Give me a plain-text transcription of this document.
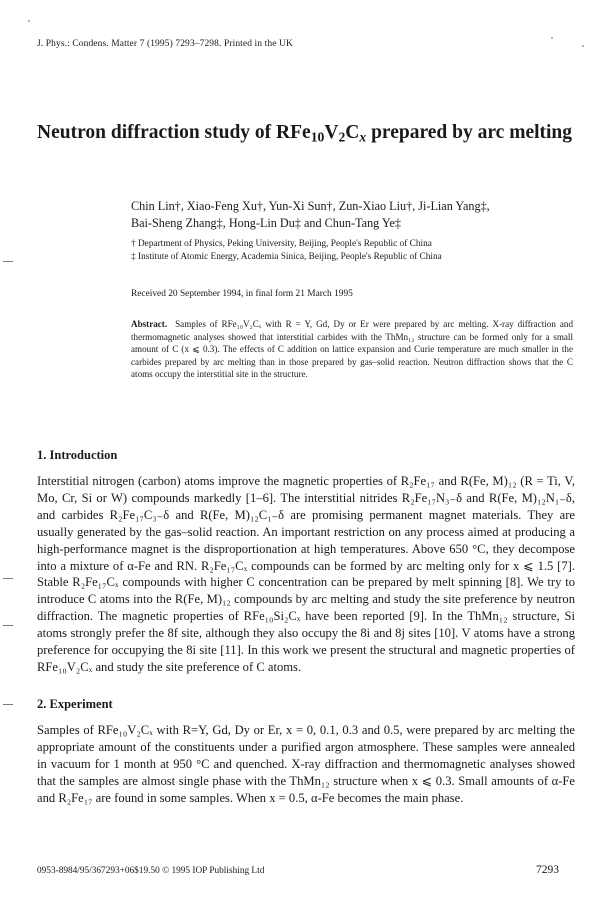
J. Phys.: Condens. Matter 7 (1995) 7293–7298. Printed in the UK
Neutron diffraction study of $RFe_{10}V_2C_x$ prepared by arc melting
Chin Lin†, Xiao-Feng Xu†, Yun-Xi Sun†, Zun-Xiao Liu†, Ji-Lian Yang‡,
Bai-Sheng Zhang‡, Hong-Lin Du‡ and Chun-Tang Ye‡
† Department of Physics, Peking University, Beijing, People's Republic of China
‡ Institute of Atomic Energy, Academia Sinica, Beijing, People's Republic of China
Received 20 September 1994, in final form 21 March 1995
Abstract. Samples of RFe₁₀V₂Cₓ with R = Y, Gd, Dy or Er were prepared by arc melting. X-ray diffraction and thermomagnetic analyses showed that interstitial carbides with the ThMn₁₂ structure can be formed only for a small amount of C (x ⩽ 0.3). The effects of C addition on lattice expansion and Curie temperature are much smaller in the carbides prepared by arc melting than in those prepared by gas–solid reaction. Neutron diffraction shows that the C atoms occupy the interstitial site in the structure.
1. Introduction

Interstitial nitrogen (carbon) atoms improve the magnetic properties of R₂Fe₁₇ and R(Fe, M)₁₂ (R = Ti, V, Mo, Cr, Si or W) compounds markedly [1–6]. The interstitial nitrides R₂Fe₁₇N₃₋δ and R(Fe, M)₁₂N₁₋δ, and carbides R₂Fe₁₇C₃₋δ and R(Fe, M)₁₂C₁₋δ are promising permanent magnet materials. They are usually generated by the gas–solid reaction. An important restriction on any process aimed at producing a high-performance magnet is the disproportionation at high temperatures. Above 650 °C, they decompose into a mixture of α-Fe and RN. R₂Fe₁₇Cₓ compounds can be formed by arc melting only for x ⩽ 1.5 [7]. Stable R₂Fe₁₇Cₓ compounds with higher C concentration can be prepared by melt spinning [8]. We try to introduce C atoms into the R(Fe, M)₁₂ compounds by arc melting and study the site preference by neutron diffraction. The magnetic properties of RFe₁₀Si₂Cₓ have been reported [9]. In the ThMn₁₂ structure, Si atoms strongly prefer the 8f site, although they also occupy the 8i and 8j sites [10]. V atoms have a strong preference for occupying the 8i site [11]. In this work we present the structural and magnetic properties of RFe₁₀V₂Cₓ and study the site preference of C atoms.

2. Experiment

Samples of RFe₁₀V₂Cₓ with R=Y, Gd, Dy or Er, x = 0, 0.1, 0.3 and 0.5, were prepared by arc melting the appropriate amount of the constituents under a purified argon atmosphere. These samples were annealed in vacuum for 1 month at 950 °C and quenched. X-ray diffraction and thermomagnetic analyses showed that the samples are almost single phase with the ThMn₁₂ structure when x ⩽ 0.3. Small amounts of α-Fe and R₂Fe₁₇ are found in some samples. When x = 0.5, α-Fe becomes the main phase.

0953-8984/95/367293+06$19.50 © 1995 IOP Publishing Ltd	7293
